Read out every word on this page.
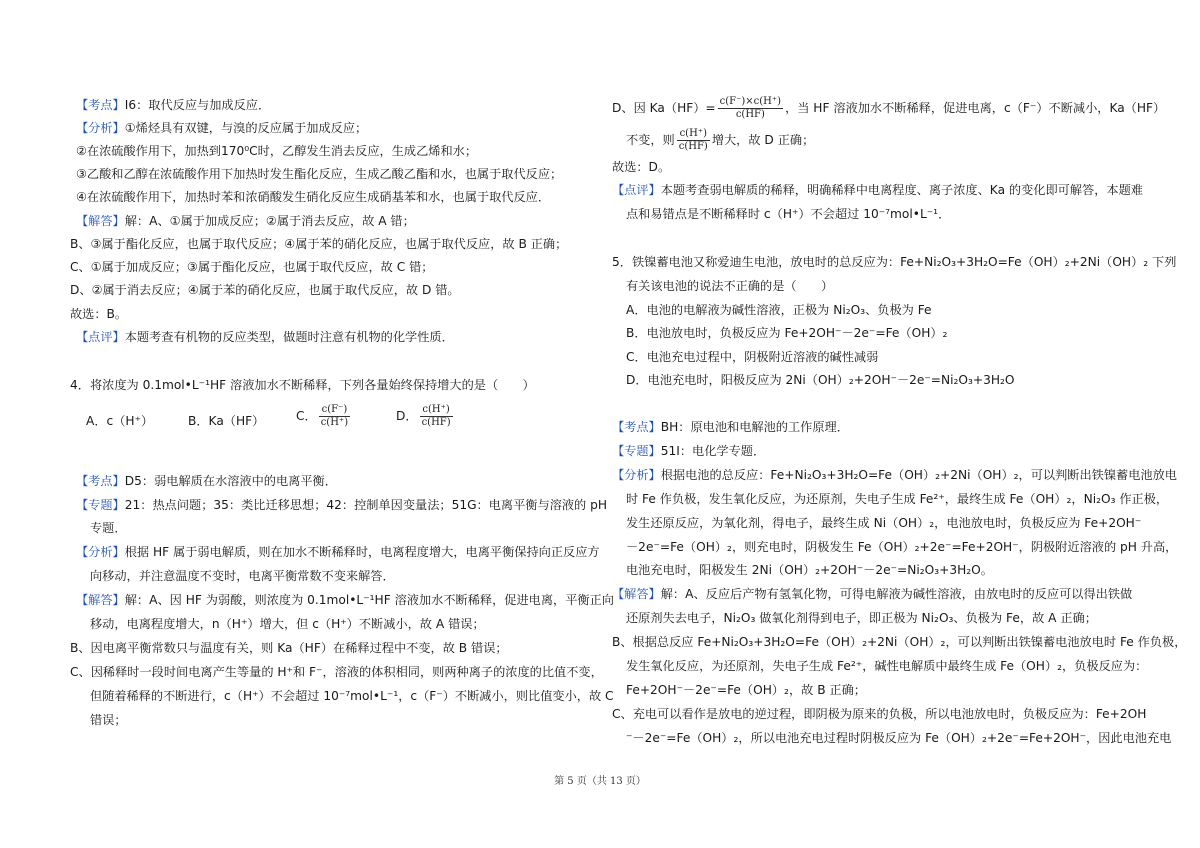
【考点】I6：取代反应与加成反应．
【分析】①烯烃具有双键，与溴的反应属于加成反应；
②在浓硫酸作用下，加热到170⁰C时，乙醇发生消去反应，生成乙烯和水；
③乙酸和乙醇在浓硫酸作用下加热时发生酯化反应，生成乙酸乙酯和水，也属于取代反应；
④在浓硫酸作用下，加热时苯和浓硝酸发生硝化反应生成硝基苯和水，也属于取代反应．
【解答】解：A、①属于加成反应；②属于消去反应，故 A 错；
B、③属于酯化反应，也属于取代反应；④属于苯的硝化反应，也属于取代反应，故 B 正确；
C、①属于加成反应；③属于酯化反应，也属于取代反应，故 C 错；
D、②属于消去反应；④属于苯的硝化反应，也属于取代反应，故 D 错。
故选：B。
【点评】本题考查有机物的反应类型，做题时注意有机物的化学性质．
4．将浓度为 0.1mol•L⁻¹HF 溶液加水不断稀释，下列各量始终保持增大的是（　　）
A．c（H⁺）	B．Ka（HF）	C． $\frac{c(F^-)}{c(H^+)}$	D． $\frac{c(H^+)}{c(HF)}$
【考点】D5：弱电解质在水溶液中的电离平衡．
【专题】21：热点问题；35：类比迁移思想；42：控制单因变量法；51G：电离平衡与溶液的 pH
专题．
【分析】根据 HF 属于弱电解质，则在加水不断稀释时，电离程度增大，电离平衡保持向正反应方
向移动，并注意温度不变时，电离平衡常数不变来解答．
【解答】解：A、因 HF 为弱酸，则浓度为 0.1mol•L⁻¹HF 溶液加水不断稀释，促进电离，平衡正向
移动，电离程度增大，n（H⁺）增大，但 c（H⁺）不断减小，故 A 错误；
B、因电离平衡常数只与温度有关，则 Ka（HF）在稀释过程中不变，故 B 错误；
C、因稀释时一段时间电离产生等量的 H⁺和 F⁻，溶液的体积相同，则两种离子的浓度的比值不变，
但随着稀释的不断进行，c（H⁺）不会超过 10⁻⁷mol•L⁻¹，c（F⁻）不断减小，则比值变小，故 C
错误；
D、因 $Ka(HF)= \frac{c(F^-)\times c(H^+)}{c(HF)}$ ，当 HF 溶液加水不断稀释，促进电离，c（F⁻）不断减小，Ka（HF）
不变，则 $\frac{c(H^+)}{c(HF)}$ 增大，故 D 正确；
故选：D。
【点评】本题考查弱电解质的稀释，明确稀释中电离程度、离子浓度、Ka 的变化即可解答，本题难
点和易错点是不断稀释时 c（H⁺）不会超过 10⁻⁷mol•L⁻¹．
5．铁镍蓄电池又称爱迪生电池，放电时的总反应为：Fe+Ni₂O₃+3H₂O=Fe（OH）₂+2Ni（OH）₂ 下列
有关该电池的说法不正确的是（　　）
A．电池的电解液为碱性溶液，正极为 Ni₂O₃、负极为 Fe
B．电池放电时，负极反应为 Fe+2OH⁻－2e⁻=Fe（OH）₂
C．电池充电过程中，阴极附近溶液的碱性减弱
D．电池充电时，阳极反应为 2Ni（OH）₂+2OH⁻－2e⁻=Ni₂O₃+3H₂O
【考点】BH：原电池和电解池的工作原理．
【专题】51I：电化学专题．
【分析】根据电池的总反应：Fe+Ni₂O₃+3H₂O=Fe（OH）₂+2Ni（OH）₂，可以判断出铁镍蓄电池放电
时 Fe 作负极，发生氧化反应，为还原剂，失电子生成 Fe²⁺，最终生成 Fe（OH）₂，Ni₂O₃ 作正极，
发生还原反应，为氧化剂，得电子，最终生成 Ni（OH）₂，电池放电时，负极反应为 Fe+2OH⁻
－2e⁻=Fe（OH）₂，则充电时，阴极发生 Fe（OH）₂+2e⁻=Fe+2OH⁻，阴极附近溶液的 pH 升高，
电池充电时，阳极发生 2Ni（OH）₂+2OH⁻－2e⁻=Ni₂O₃+3H₂O。
【解答】解：A、反应后产物有氢氧化物，可得电解液为碱性溶液，由放电时的反应可以得出铁做
还原剂失去电子，Ni₂O₃ 做氧化剂得到电子，即正极为 Ni₂O₃、负极为 Fe，故 A 正确；
B、根据总反应 Fe+Ni₂O₃+3H₂O=Fe（OH）₂+2Ni（OH）₂，可以判断出铁镍蓄电池放电时 Fe 作负极，
发生氧化反应，为还原剂，失电子生成 Fe²⁺，碱性电解质中最终生成 Fe（OH）₂，负极反应为：
Fe+2OH⁻－2e⁻=Fe（OH）₂，故 B 正确；
C、充电可以看作是放电的逆过程，即阴极为原来的负极，所以电池放电时，负极反应为：Fe+2OH
⁻－2e⁻=Fe（OH）₂，所以电池充电过程时阴极反应为 Fe（OH）₂+2e⁻=Fe+2OH⁻，因此电池充电
第 5 页（共 13 页）
